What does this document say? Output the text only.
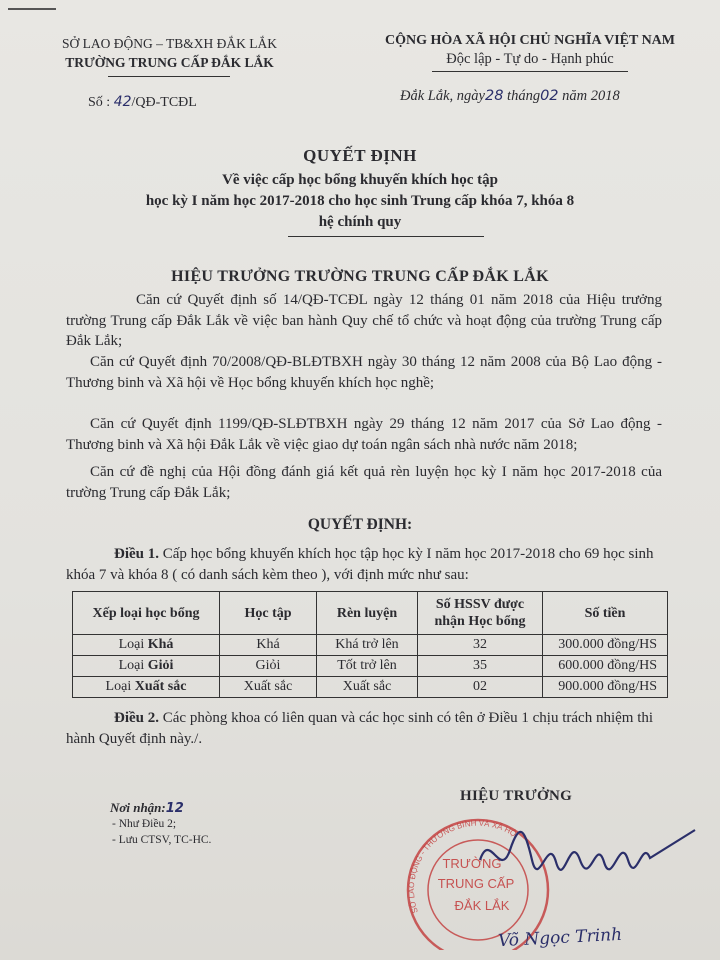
SỞ LAO ĐỘNG – TB&XH ĐẮK LẮK
TRƯỜNG TRUNG CẤP ĐẮK LẮK
Số : 42/QĐ-TCĐL
CỘNG HÒA XÃ HỘI CHỦ NGHĨA VIỆT NAM
Độc lập - Tự do - Hạnh phúc
Đắk Lắk, ngày28 tháng02 năm 2018
QUYẾT ĐỊNH
Về việc cấp học bổng khuyến khích học tập
học kỳ I năm học 2017-2018 cho học sinh Trung cấp khóa 7, khóa 8
hệ chính quy
HIỆU TRƯỞNG TRƯỜNG TRUNG CẤP ĐẮK LẮK
Căn cứ Quyết định số 14/QĐ-TCĐL ngày 12 tháng 01 năm 2018 của Hiệu trưởng trường Trung cấp Đắk Lắk về việc ban hành Quy chế tổ chức và hoạt động của trường Trung cấp Đắk Lắk;
Căn cứ Quyết định 70/2008/QĐ-BLĐTBXH ngày 30 tháng 12 năm 2008 của Bộ Lao động - Thương binh và Xã hội về Học bổng khuyến khích học nghề;
Căn cứ Quyết định 1199/QĐ-SLĐTBXH ngày 29 tháng 12 năm 2017 của Sở Lao động - Thương binh và Xã hội Đắk Lắk về việc giao dự toán ngân sách nhà nước năm 2018;
Căn cứ đề nghị của Hội đồng đánh giá kết quả rèn luyện học kỳ I năm học 2017-2018 của trường Trung cấp Đắk Lắk;
QUYẾT ĐỊNH:
Điều 1. Cấp học bổng khuyến khích học tập học kỳ I năm học 2017-2018 cho 69 học sinh khóa 7 và khóa 8 ( có danh sách kèm theo ), với định mức như sau:
Xếp loại học bổng	Học tập	Rèn luyện	Số HSSV được nhận Học bổng	Số tiền
Loại Khá	Khá	Khá trở lên	32	300.000 đồng/HS
Loại Giỏi	Giỏi	Tốt trở lên	35	600.000 đồng/HS
Loại Xuất sắc	Xuất sắc	Xuất sắc	02	900.000 đồng/HS
Điều 2. Các phòng khoa có liên quan và các học sinh có tên ở Điều 1 chịu trách nhiệm thi hành Quyết định này./.
Nơi nhận:12
- Như Điều 2;
- Lưu CTSV, TC-HC.
HIỆU TRƯỞNG
SỞ LAO ĐỘNG - THƯƠNG BINH VÀ XÃ HỘI
TRƯỜNG
TRUNG CẤP
ĐẮK LẮK
Võ Ngọc Trinh
